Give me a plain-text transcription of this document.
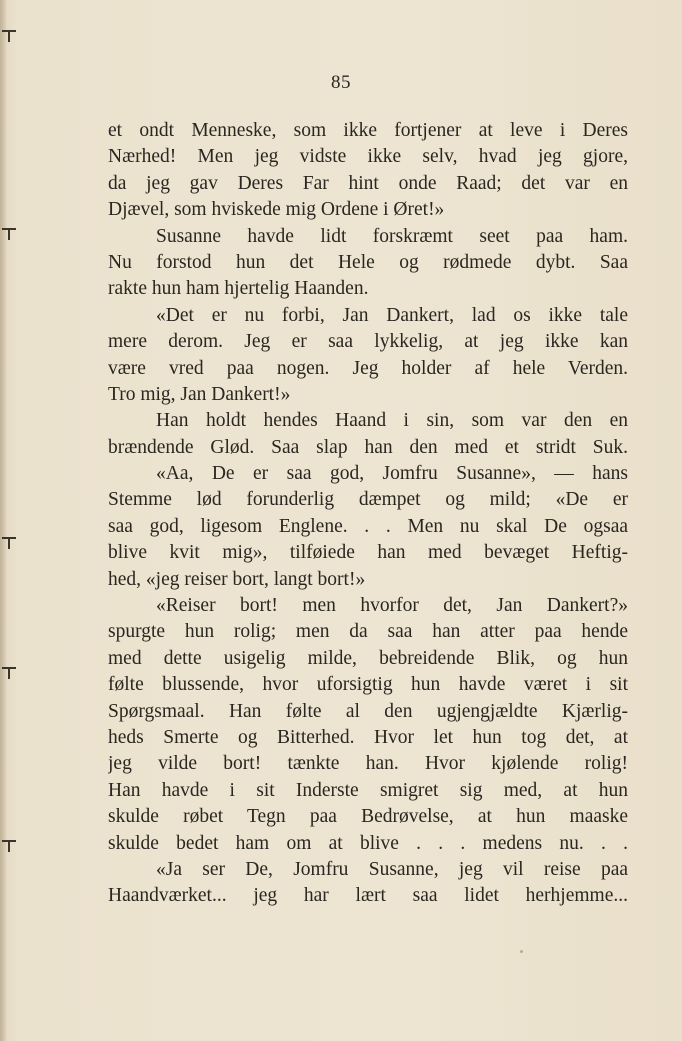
85
et ondt Menneske, som ikke fortjener at leve i Deres
Nærhed! Men jeg vidste ikke selv, hvad jeg gjore,
da jeg gav Deres Far hint onde Raad; det var en
Djævel, som hviskede mig Ordene i Øret!»
Susanne havde lidt forskræmt seet paa ham.
Nu forstod hun det Hele og rødmede dybt. Saa
rakte hun ham hjertelig Haanden.
«Det er nu forbi, Jan Dankert, lad os ikke tale
mere derom. Jeg er saa lykkelig, at jeg ikke kan
være vred paa nogen. Jeg holder af hele Verden.
Tro mig, Jan Dankert!»
Han holdt hendes Haand i sin, som var den en
brændende Glød. Saa slap han den med et stridt Suk.
«Aa, De er saa god, Jomfru Susanne», — hans
Stemme lød forunderlig dæmpet og mild; «De er
saa god, ligesom Englene. . . Men nu skal De ogsaa
blive kvit mig», tilføiede han med bevæget Heftig-
hed, «jeg reiser bort, langt bort!»
«Reiser bort! men hvorfor det, Jan Dankert?»
spurgte hun rolig; men da saa han atter paa hende
med dette usigelig milde, bebreidende Blik, og hun
følte blussende, hvor uforsigtig hun havde været i sit
Spørgsmaal. Han følte al den ugjengjældte Kjærlig-
heds Smerte og Bitterhed. Hvor let hun tog det, at
jeg vilde bort! tænkte han. Hvor kjølende rolig!
Han havde i sit Inderste smigret sig med, at hun
skulde røbet Tegn paa Bedrøvelse, at hun maaske
skulde bedet ham om at blive . . . medens nu. . .
«Ja ser De, Jomfru Susanne, jeg vil reise paa
Haandværket... jeg har lært saa lidet herhjemme...
